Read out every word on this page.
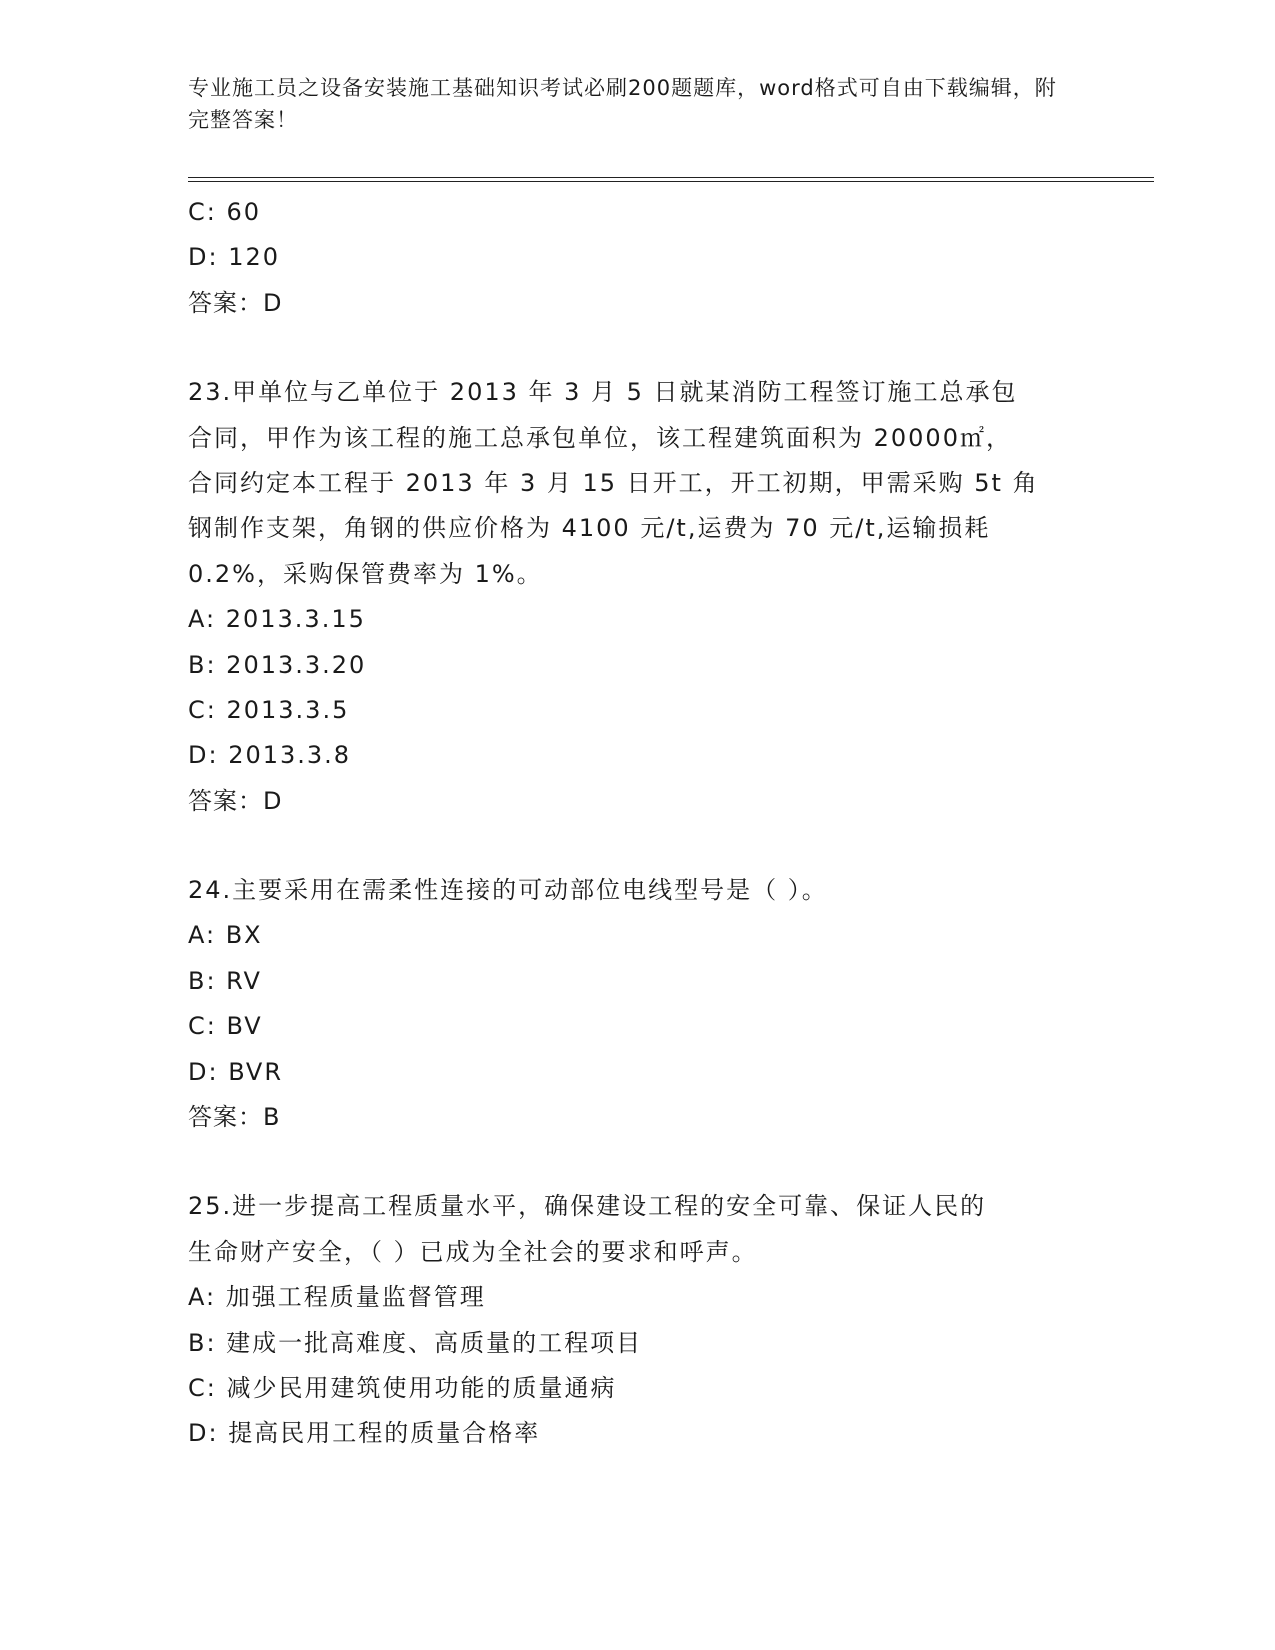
专业施工员之设备安装施工基础知识考试必刷200题题库，word格式可自由下载编辑，附完整答案！
C: 60
D: 120
答案：D
23.甲单位与乙单位于 2013 年 3 月 5 日就某消防工程签订施工总承包
合同，甲作为该工程的施工总承包单位，该工程建筑面积为 20000㎡，
合同约定本工程于 2013 年 3 月 15 日开工，开工初期，甲需采购 5t 角
钢制作支架，角钢的供应价格为 4100 元/t,运费为 70 元/t,运输损耗
0.2%，采购保管费率为 1%。
A: 2013.3.15
B: 2013.3.20
C: 2013.3.5
D: 2013.3.8
答案：D
24.主要采用在需柔性连接的可动部位电线型号是（ ）。
A: BX
B: RV
C: BV
D: BVR
答案：B
25.进一步提高工程质量水平，确保建设工程的安全可靠、保证人民的
生命财产安全，（ ）已成为全社会的要求和呼声。
A: 加强工程质量监督管理
B: 建成一批高难度、高质量的工程项目
C: 减少民用建筑使用功能的质量通病
D: 提高民用工程的质量合格率
